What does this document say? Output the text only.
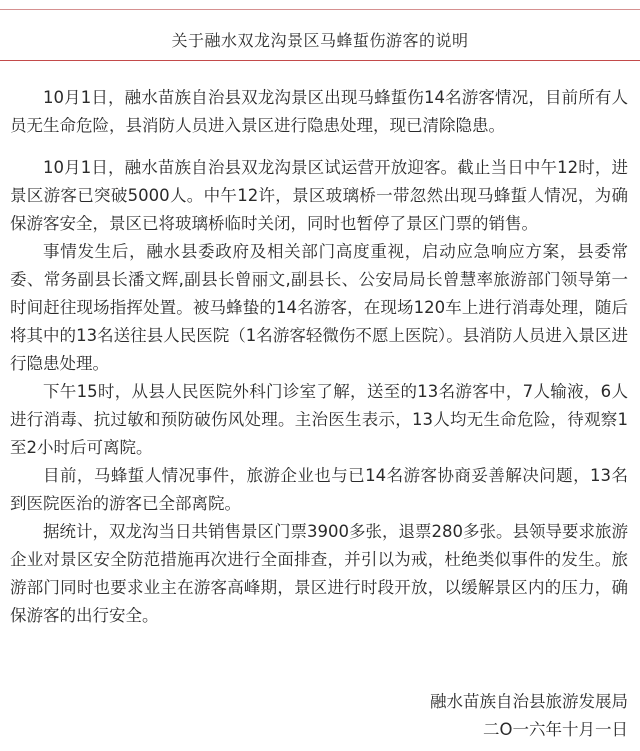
关于融水双龙沟景区马蜂蜇伤游客的说明

10月1日，融水苗族自治县双龙沟景区出现马蜂蜇伤14名游客情况，目前所有人员无生命危险，县消防人员进入景区进行隐患处理，现已清除隐患。

10月1日，融水苗族自治县双龙沟景区试运营开放迎客。截止当日中午12时，进景区游客已突破5000人。中午12许，景区玻璃桥一带忽然出现马蜂蜇人情况，为确保游客安全，景区已将玻璃桥临时关闭，同时也暂停了景区门票的销售。

事情发生后，融水县委政府及相关部门高度重视，启动应急响应方案，县委常委、常务副县长潘文辉,副县长曾丽文,副县长、公安局局长曾慧率旅游部门领导第一时间赶往现场指挥处置。被马蜂蛰的14名游客，在现场120车上进行消毒处理，随后将其中的13名送往县人民医院（1名游客轻微伤不愿上医院）。县消防人员进入景区进行隐患处理。

下午15时，从县人民医院外科门诊室了解，送至的13名游客中，7人输液，6人进行消毒、抗过敏和预防破伤风处理。主治医生表示，13人均无生命危险，待观察1至2小时后可离院。

目前，马蜂蜇人情况事件，旅游企业也与已14名游客协商妥善解决问题，13名到医院医治的游客已全部离院。

据统计，双龙沟当日共销售景区门票3900多张，退票280多张。县领导要求旅游企业对景区安全防范措施再次进行全面排查，并引以为戒，杜绝类似事件的发生。旅游部门同时也要求业主在游客高峰期，景区进行时段开放，以缓解景区内的压力，确保游客的出行安全。

融水苗族自治县旅游发展局
二O一六年十月一日
